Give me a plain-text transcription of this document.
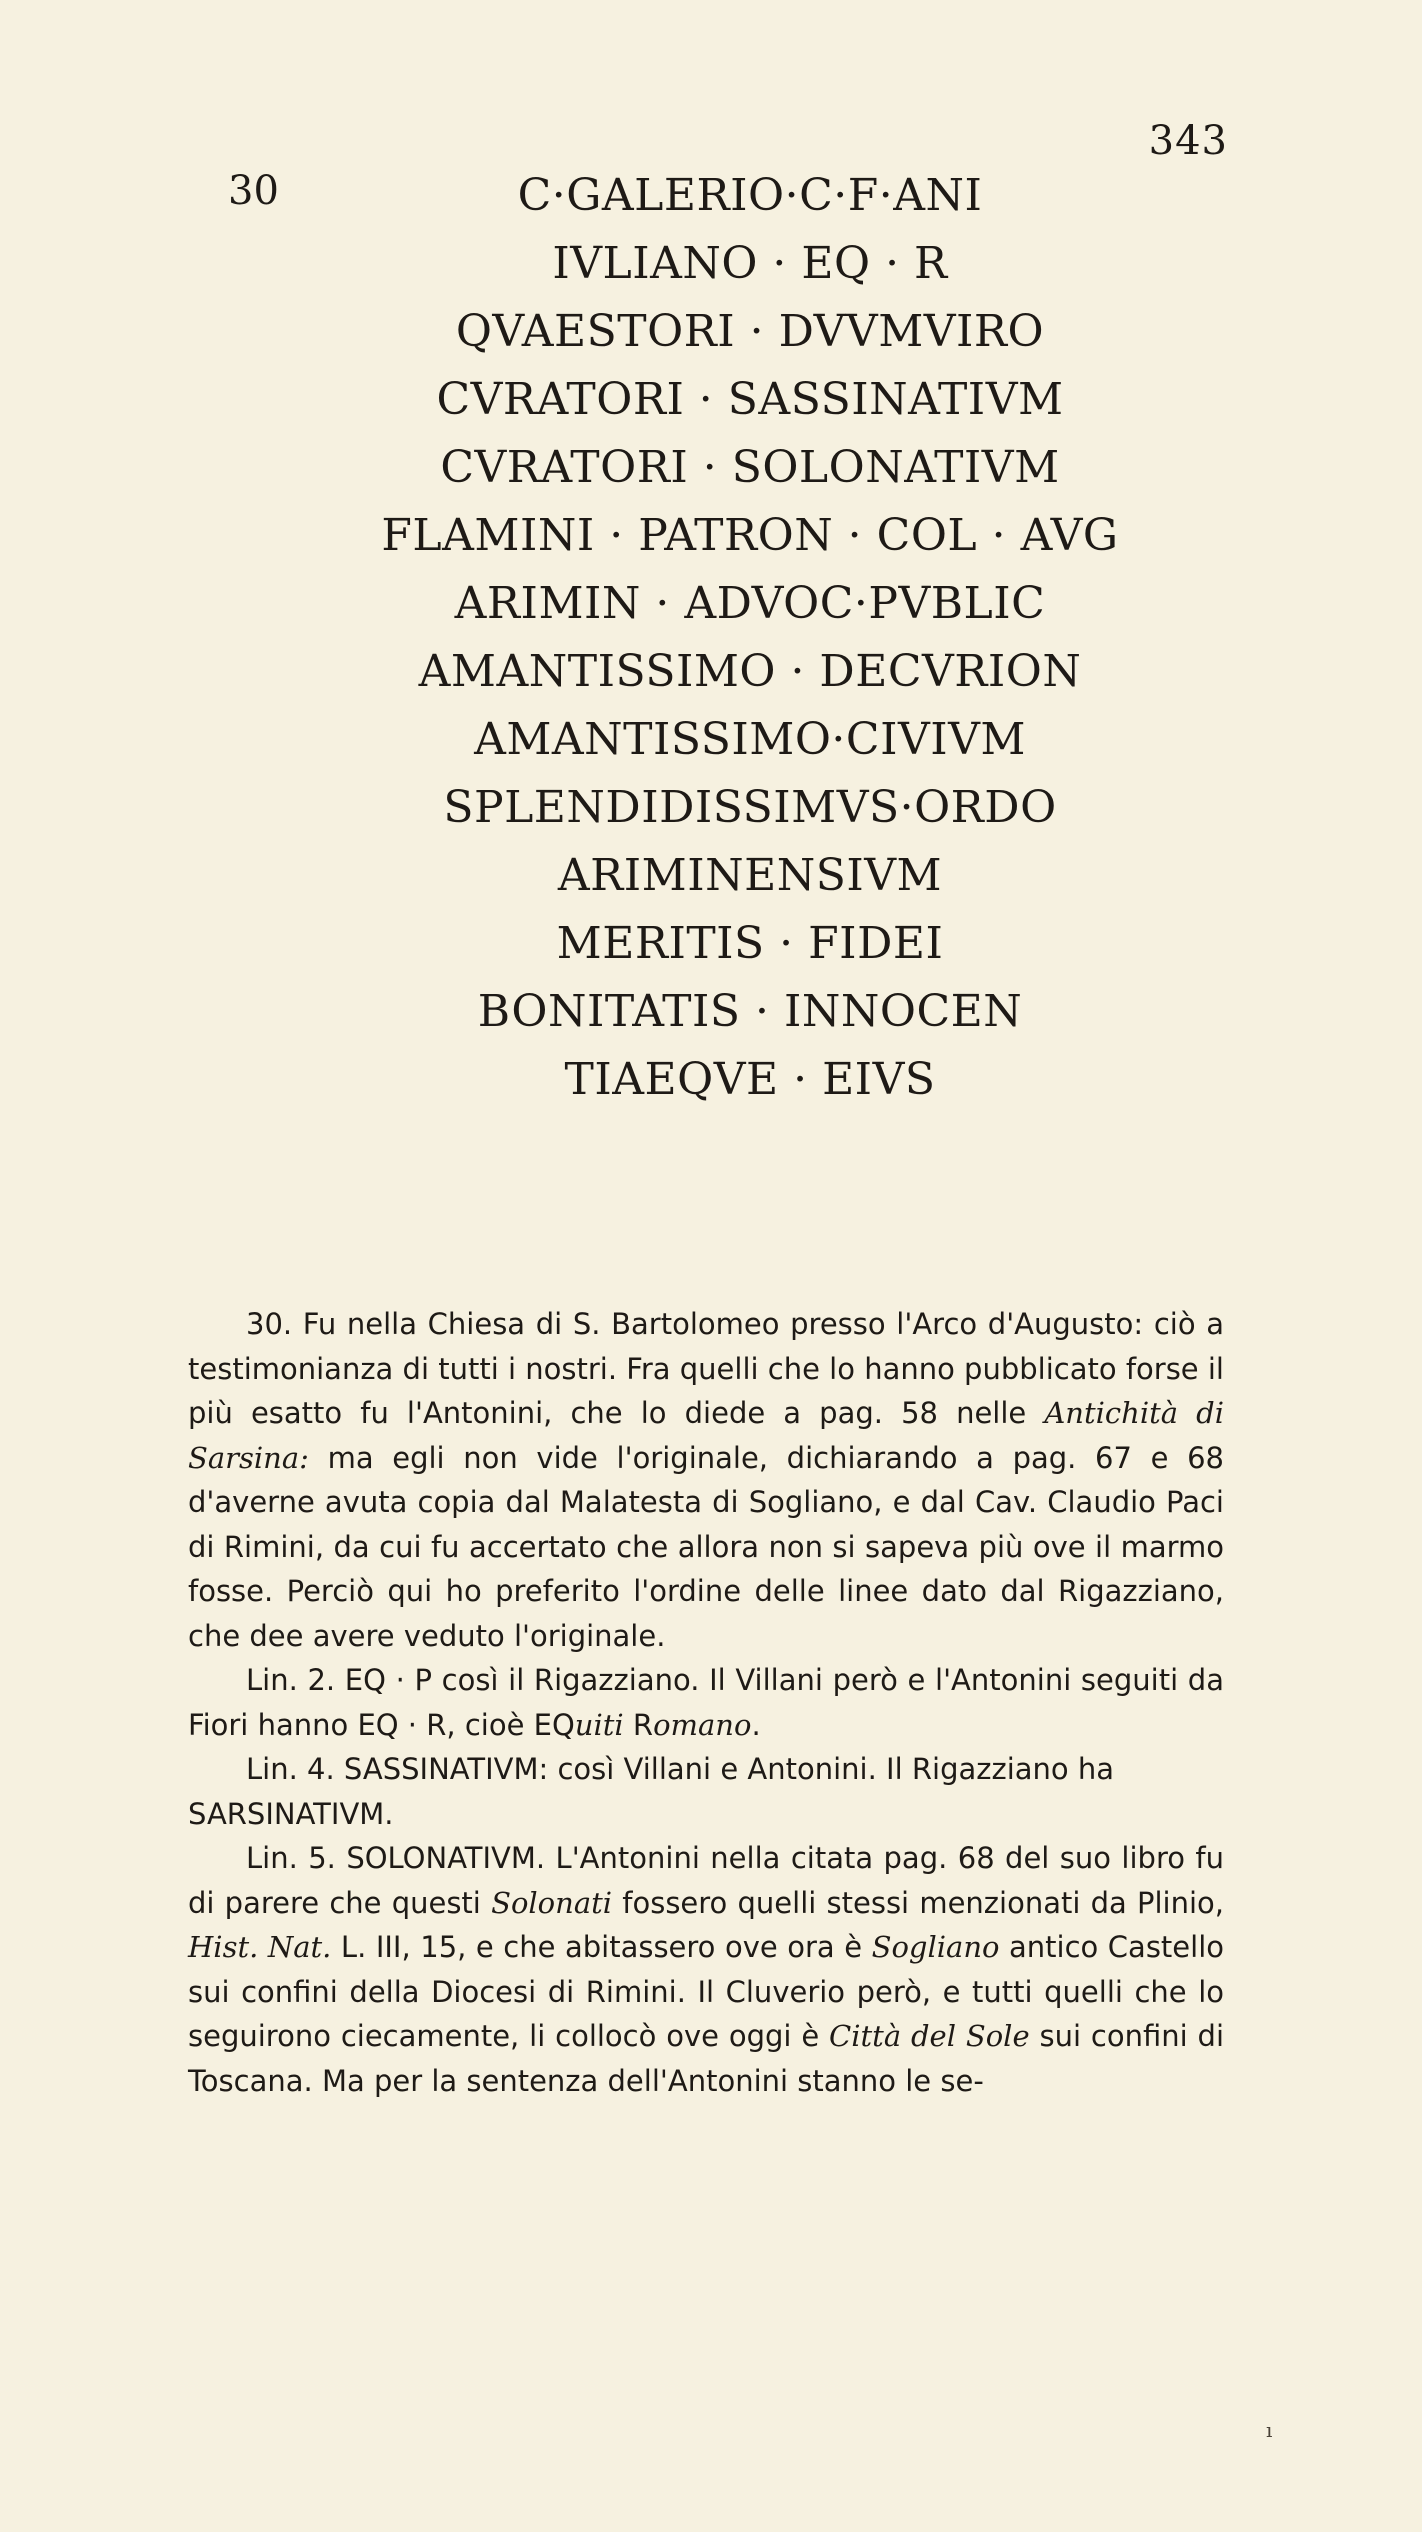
343
30	C·GALERIO·C·F·ANI
IVLIANO · EQ · R
QVAESTORI · DVVMVIRO
CVRATORI · SASSINATIVM
CVRATORI · SOLONATIVM
FLAMINI · PATRON · COL · AVG
ARIMIN · ADVOC·PVBLIC
AMANTISSIMO · DECVRION
AMANTISSIMO·CIVIVM
SPLENDIDISSIMVS·ORDO
ARIMINENSIVM
MERITIS · FIDEI
BONITATIS · INNOCEN
TIAEQVE · EIVS

30. Fu nella Chiesa di S. Bartolomeo presso l'Arco d'Augusto: ciò a testimonianza di tutti i nostri. Fra quelli che lo hanno pubblicato forse il più esatto fu l'Antonini, che lo diede a pag. 58 nelle Antichità di Sarsina: ma egli non vide l'originale, dichiarando a pag. 67 e 68 d'averne avuta copia dal Malatesta di Sogliano, e dal Cav. Claudio Paci di Rimini, da cui fu accertato che allora non si sapeva più ove il marmo fosse. Perciò qui ho preferito l'ordine delle linee dato dal Rigazziano, che dee avere veduto l'originale.

Lin. 2. EQ · P così il Rigazziano. Il Villani però e l'Antonini seguiti da Fiori hanno EQ · R, cioè EQuiti Romano.

Lin. 4. SASSINATIVM: così Villani e Antonini. Il Rigazziano ha

SARSINATIVM.

Lin. 5. SOLONATIVM. L'Antonini nella citata pag. 68 del suo libro fu di parere che questi Solonati fossero quelli stessi menzionati da Plinio, Hist. Nat. L. III, 15, e che abitassero ove ora è Sogliano antico Castello sui confini della Diocesi di Rimini. Il Cluverio però, e tutti quelli che lo seguirono ciecamente, li collocò ove oggi è Città del Sole sui confini di Toscana. Ma per la sentenza dell'Antonini stanno le se-

ı
